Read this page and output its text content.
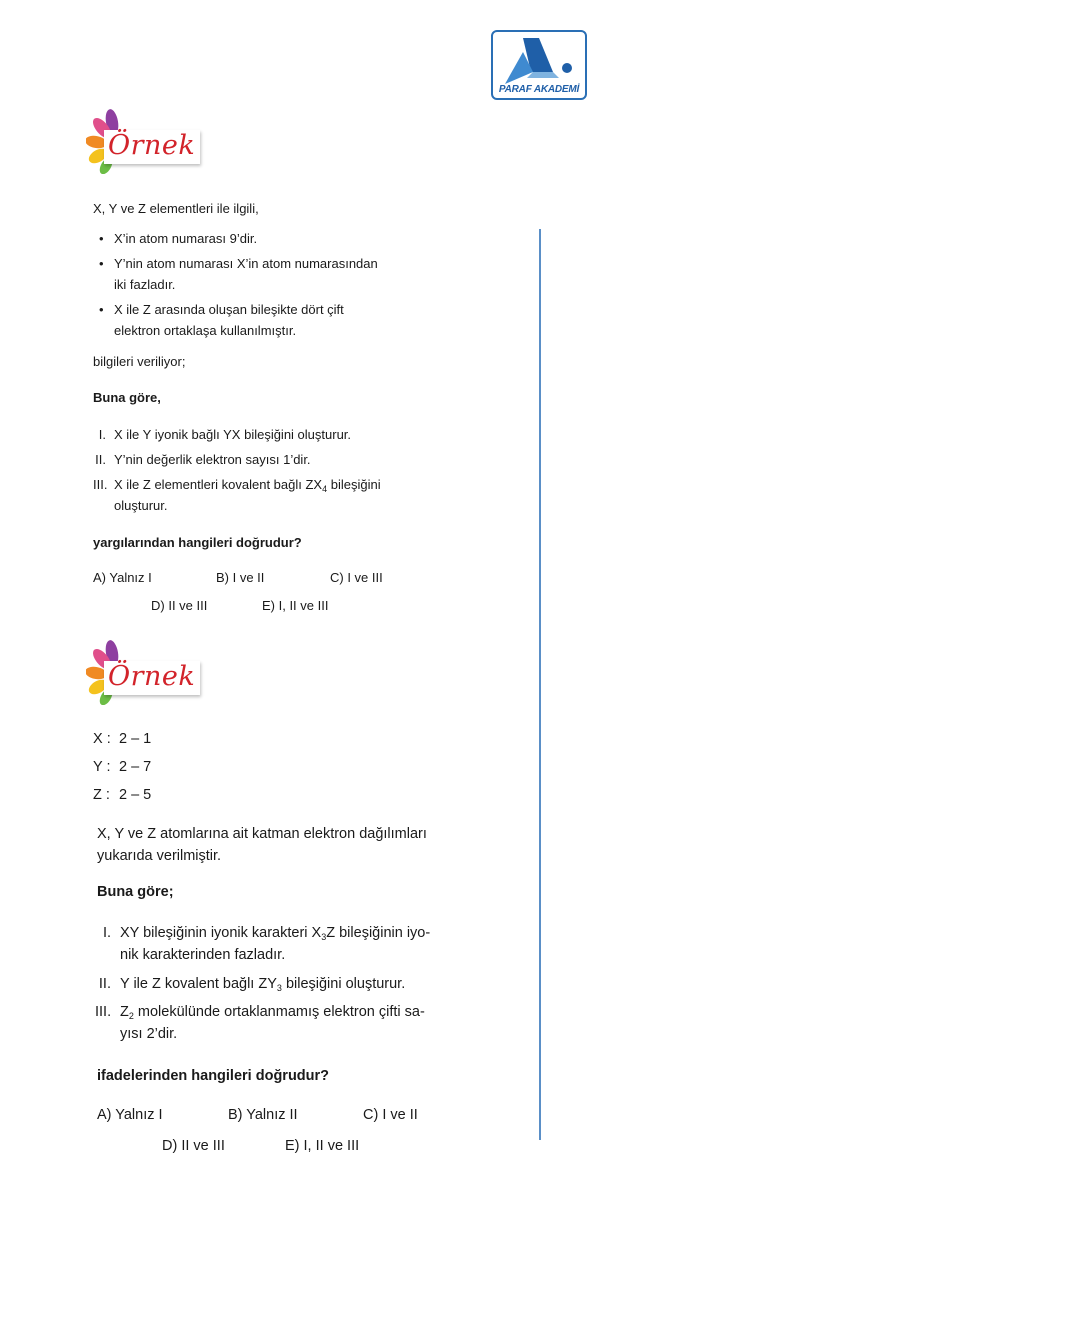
PARAF AKADEMİ
Örnek
X, Y ve Z elementleri ile ilgili,
• X’in atom numarası 9’dir.
• Y’nin atom numarası X’in atom numarasından iki fazladır.
• X ile Z arasında oluşan bileşikte dört çift elektron ortaklaşa kullanılmıştır.
bilgileri veriliyor;
Buna göre,
I. X ile Y iyonik bağlı YX bileşiğini oluşturur.
II. Y’nin değerlik elektron sayısı 1’dir.
III. X ile Z elementleri kovalent bağlı $ZX_4$ bileşiğini
oluşturur.
yargılarından hangileri doğrudur?
A) Yalnız I	B) I ve II	C) I ve III
D) II ve III	E) I, II ve III
Örnek
X : 2 – 1
Y : 2 – 7
Z : 2 – 5
X, Y ve Z atomlarına ait katman elektron dağılımları
yukarıda verilmiştir.
Buna göre;
I. XY bileşiğinin iyonik karakteri $X_3Z$ bileşiğinin iyo-
nik karakterinden fazladır.
II. Y ile Z kovalent bağlı $ZY_3$ bileşiğini oluşturur.
III. $Z_2$ molekülünde ortaklanmamış elektron çifti sa-
yısı 2’dir.
ifadelerinden hangileri doğrudur?
A) Yalnız I	B) Yalnız II	C) I ve II
D) II ve III	E) I, II ve III
